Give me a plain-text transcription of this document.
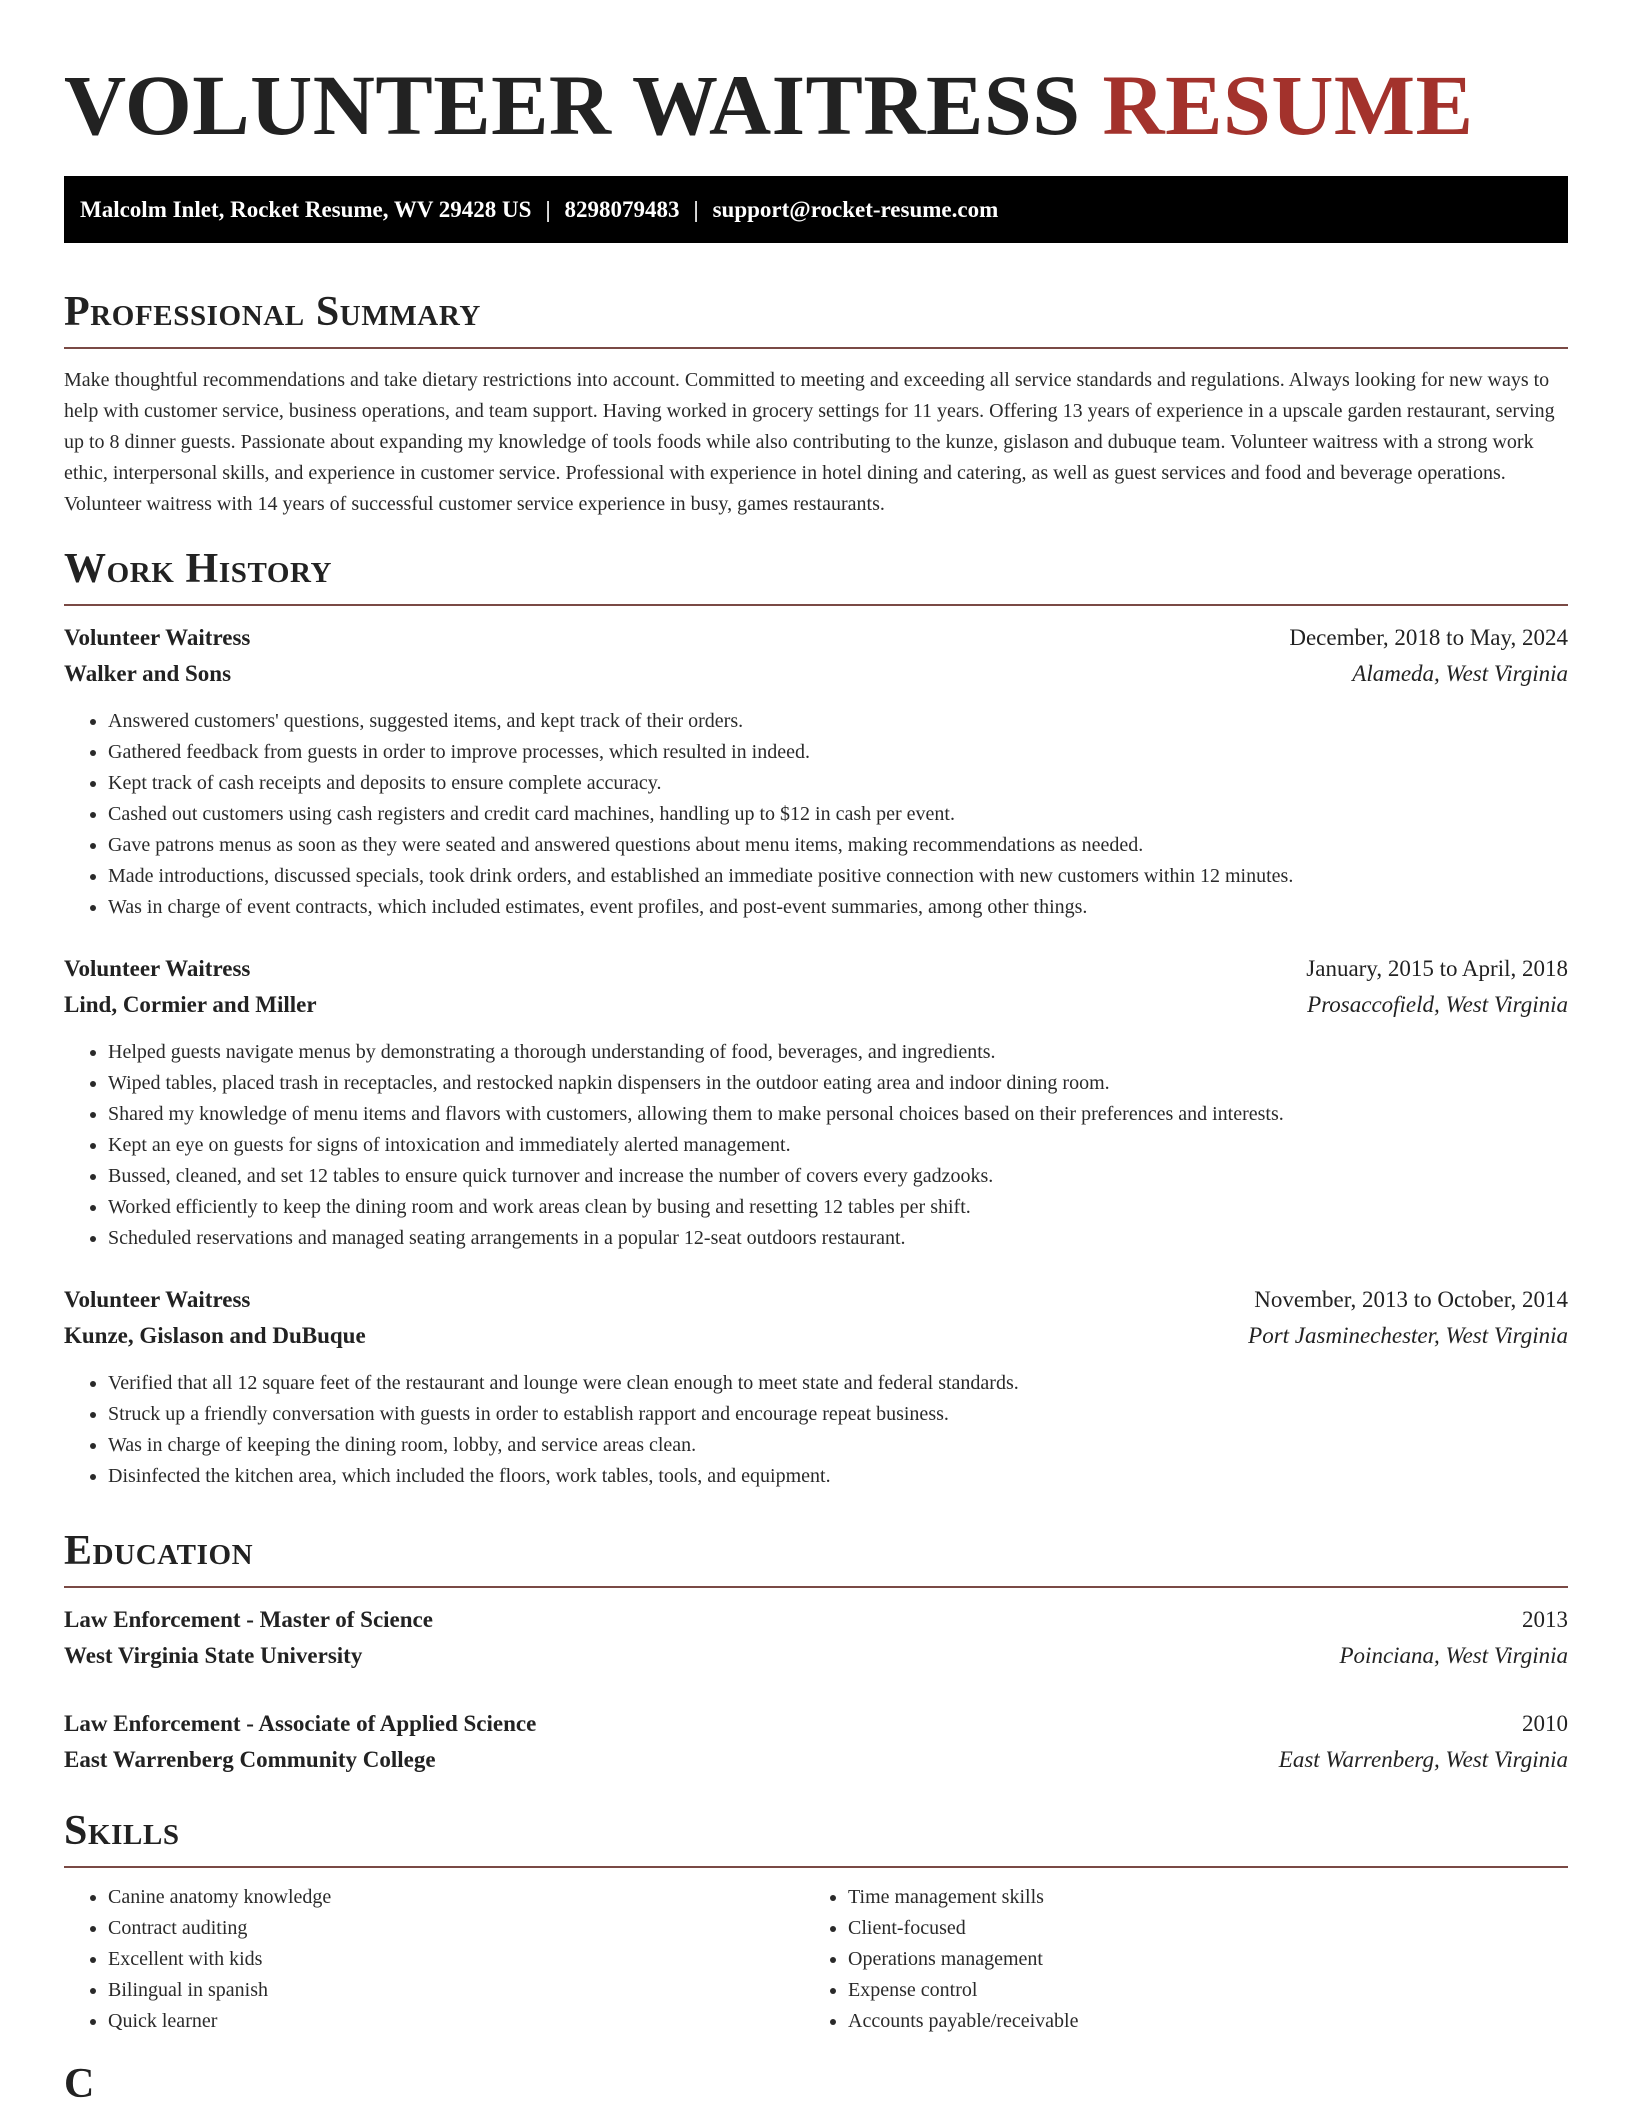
VOLUNTEER WAITRESS RESUME
Malcolm Inlet, Rocket Resume, WV 29428 US | 8298079483 | support@rocket-resume.com
Professional Summary

Make thoughtful recommendations and take dietary restrictions into account. Committed to meeting and exceeding all service standards and regulations. Always looking for new ways to help with customer service, business operations, and team support. Having worked in grocery settings for 11 years. Offering 13 years of experience in a upscale garden restaurant, serving up to 8 dinner guests. Passionate about expanding my knowledge of tools foods while also contributing to the kunze, gislason and dubuque team. Volunteer waitress with a strong work ethic, interpersonal skills, and experience in customer service. Professional with experience in hotel dining and catering, as well as guest services and food and beverage operations. Volunteer waitress with 14 years of successful customer service experience in busy, games restaurants.

Work History
Volunteer Waitress	December, 2018 to May, 2024
Walker and Sons	Alameda, West Virginia
• Answered customers' questions, suggested items, and kept track of their orders.
• Gathered feedback from guests in order to improve processes, which resulted in indeed.
• Kept track of cash receipts and deposits to ensure complete accuracy.
• Cashed out customers using cash registers and credit card machines, handling up to $12 in cash per event.
• Gave patrons menus as soon as they were seated and answered questions about menu items, making recommendations as needed.
• Made introductions, discussed specials, took drink orders, and established an immediate positive connection with new customers within 12 minutes.
• Was in charge of event contracts, which included estimates, event profiles, and post-event summaries, among other things.
Volunteer Waitress	January, 2015 to April, 2018
Lind, Cormier and Miller	Prosaccofield, West Virginia
• Helped guests navigate menus by demonstrating a thorough understanding of food, beverages, and ingredients.
• Wiped tables, placed trash in receptacles, and restocked napkin dispensers in the outdoor eating area and indoor dining room.
• Shared my knowledge of menu items and flavors with customers, allowing them to make personal choices based on their preferences and interests.
• Kept an eye on guests for signs of intoxication and immediately alerted management.
• Bussed, cleaned, and set 12 tables to ensure quick turnover and increase the number of covers every gadzooks.
• Worked efficiently to keep the dining room and work areas clean by busing and resetting 12 tables per shift.
• Scheduled reservations and managed seating arrangements in a popular 12-seat outdoors restaurant.
Volunteer Waitress	November, 2013 to October, 2014
Kunze, Gislason and DuBuque	Port Jasminechester, West Virginia
• Verified that all 12 square feet of the restaurant and lounge were clean enough to meet state and federal standards.
• Struck up a friendly conversation with guests in order to establish rapport and encourage repeat business.
• Was in charge of keeping the dining room, lobby, and service areas clean.
• Disinfected the kitchen area, which included the floors, work tables, tools, and equipment.
Education
Law Enforcement - Master of Science	2013
West Virginia State University	Poinciana, West Virginia
Law Enforcement - Associate of Applied Science	2010
East Warrenberg Community College	East Warrenberg, West Virginia
Skills
• Canine anatomy knowledge
• Contract auditing
• Excellent with kids
• Bilingual in spanish
• Quick learner
• Time management skills
• Client-focused
• Operations management
• Expense control
• Accounts payable/receivable
C
